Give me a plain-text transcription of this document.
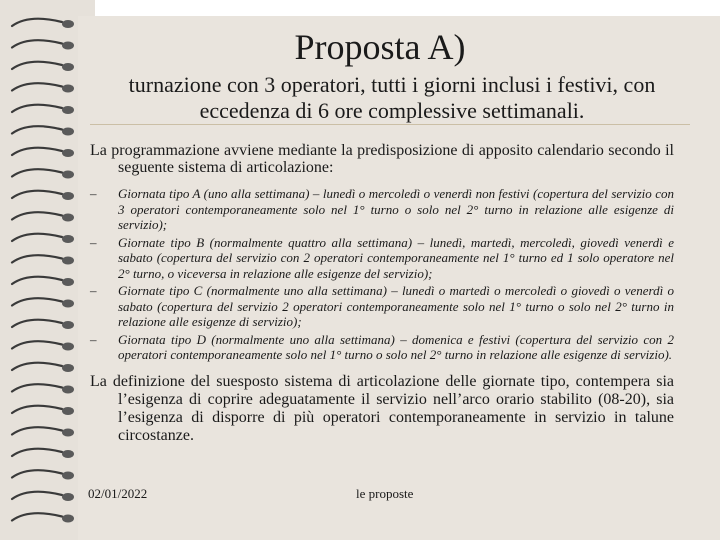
Proposta A)
turnazione con 3 operatori, tutti i giorni inclusi i festivi, con eccedenza di 6 ore complessive settimanali.

La programmazione avviene mediante la predisposizione di apposito calendario secondo il seguente sistema di articolazione:

– Giornata tipo A (uno alla settimana) – lunedì o mercoledì o venerdì non festivi (copertura del servizio con 3 operatori contemporaneamente solo nel 1° turno o solo nel 2° turno in relazione alle esigenze di servizio);
– Giornate tipo B (normalmente quattro alla settimana) – lunedì, martedì, mercoledì, giovedì venerdì e sabato (copertura del servizio con 2 operatori contemporaneamente nel 1° turno ed 1 solo operatore nel 2° turno, o viceversa in relazione alle esigenze del servizio);
– Giornate tipo C (normalmente uno alla settimana) – lunedì o martedì o mercoledì o giovedì o venerdì o sabato (copertura del servizio 2 operatori contemporaneamente solo nel 1° turno o solo nel 2° turno in relazione alle esigenze di servizio);
– Giornata tipo D (normalmente uno alla settimana) – domenica e festivi (copertura del servizio con 2 operatori contemporaneamente solo nel 1° turno o solo nel 2° turno in relazione alle esigenze di servizio).

La definizione del suesposto sistema di articolazione delle giornate tipo, contempera sia l’esigenza di coprire adeguatamente il servizio nell’arco orario stabilito (08-20), sia l’esigenza di disporre di più operatori contemporaneamente in servizio in talune circostanze.

02/01/2022	le proposte
